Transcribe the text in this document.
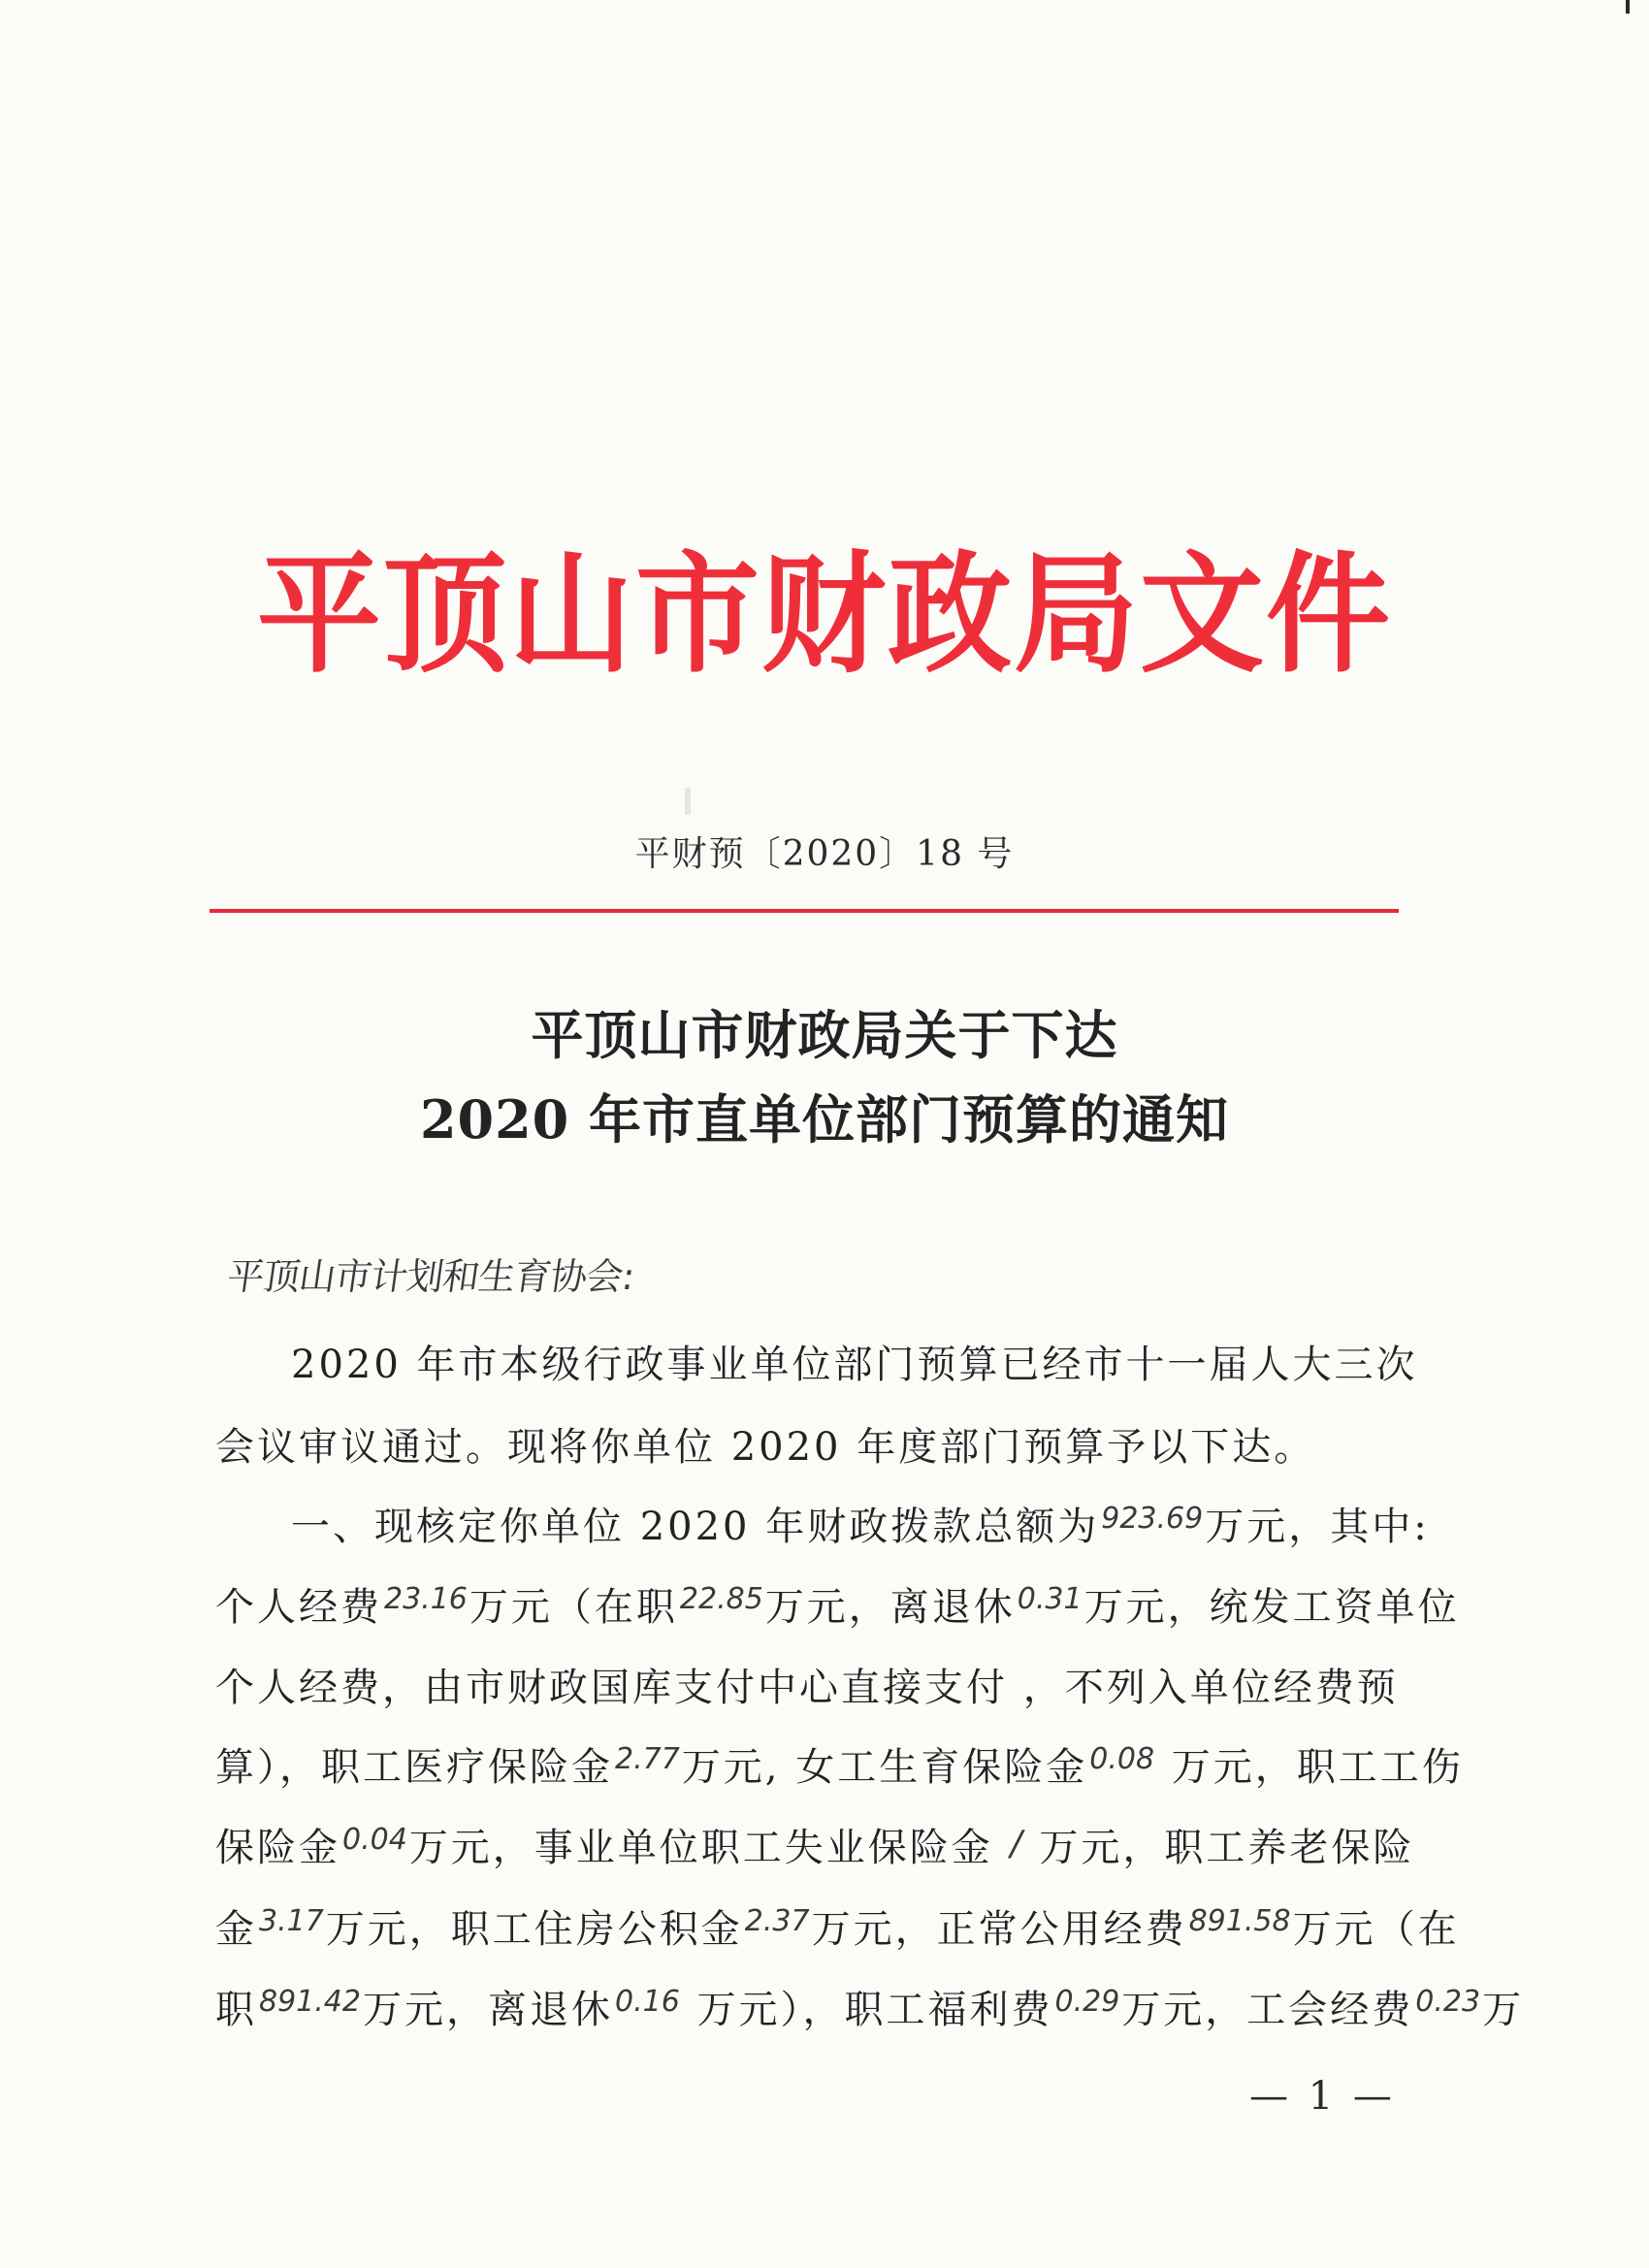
平顶山市财政局文件
平财预〔2020〕18 号
平顶山市财政局关于下达
2020 年市直单位部门预算的通知
平顶山市计划和生育协会:
2020 年市本级行政事业单位部门预算已经市十一届人大三次
会议审议通过。现将你单位 2020 年度部门预算予以下达。
一、现核定你单位 2020 年财政拨款总额为$^{923.69}$万元，其中:
个人经费$^{23.16}$万元（在职$^{22.85}$万元，离退休$^{0.31}$万元，统发工资单位
个人经费，由市财政国库支付中心直接支付 ，不列入单位经费预
算），职工医疗保险金$^{2.77}$万元, 女工生育保险金$^{0.08}$ 万元，职工工伤
保险金$^{0.04}$万元，事业单位职工失业保险金 / 万元，职工养老保险
金$^{3.17}$万元，职工住房公积金$^{2.37}$万元，正常公用经费$^{891.58}$万元（在
职$^{891.42}$万元，离退休$^{0.16}$ 万元），职工福利费$^{0.29}$万元，工会经费$^{0.23}$万
— 1 —
